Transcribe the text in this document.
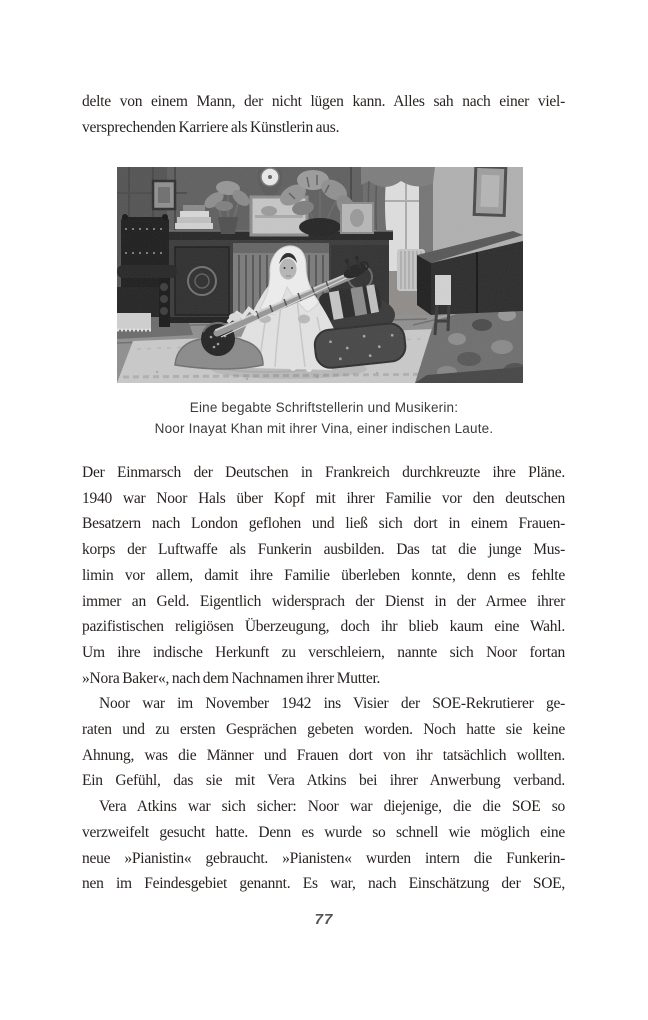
delte von einem Mann, der nicht lügen kann. Alles sah nach einer viel-
versprechenden Karriere als Künstlerin aus.
Eine begabte Schriftstellerin und Musikerin:
Noor Inayat Khan mit ihrer Vina, einer indischen Laute.
Der Einmarsch der Deutschen in Frankreich durchkreuzte ihre Pläne.
1940 war Noor Hals über Kopf mit ihrer Familie vor den deutschen
Besatzern nach London geflohen und ließ sich dort in einem Frauen-
korps der Luftwaffe als Funkerin ausbilden. Das tat die junge Mus-
limin vor allem, damit ihre Familie überleben konnte, denn es fehlte
immer an Geld. Eigentlich widersprach der Dienst in der Armee ihrer
pazifistischen religiösen Überzeugung, doch ihr blieb kaum eine Wahl.
Um ihre indische Herkunft zu verschleiern, nannte sich Noor fortan
»Nora Baker«, nach dem Nachnamen ihrer Mutter.
Noor war im November 1942 ins Visier der SOE-Rekrutierer ge-
raten und zu ersten Gesprächen gebeten worden. Noch hatte sie keine
Ahnung, was die Männer und Frauen dort von ihr tatsächlich wollten.
Ein Gefühl, das sie mit Vera Atkins bei ihrer Anwerbung verband.
Vera Atkins war sich sicher: Noor war diejenige, die die SOE so
verzweifelt gesucht hatte. Denn es wurde so schnell wie möglich eine
neue »Pianistin« gebraucht. »Pianisten« wurden intern die Funkerin-
nen im Feindesgebiet genannt. Es war, nach Einschätzung der SOE,
77
